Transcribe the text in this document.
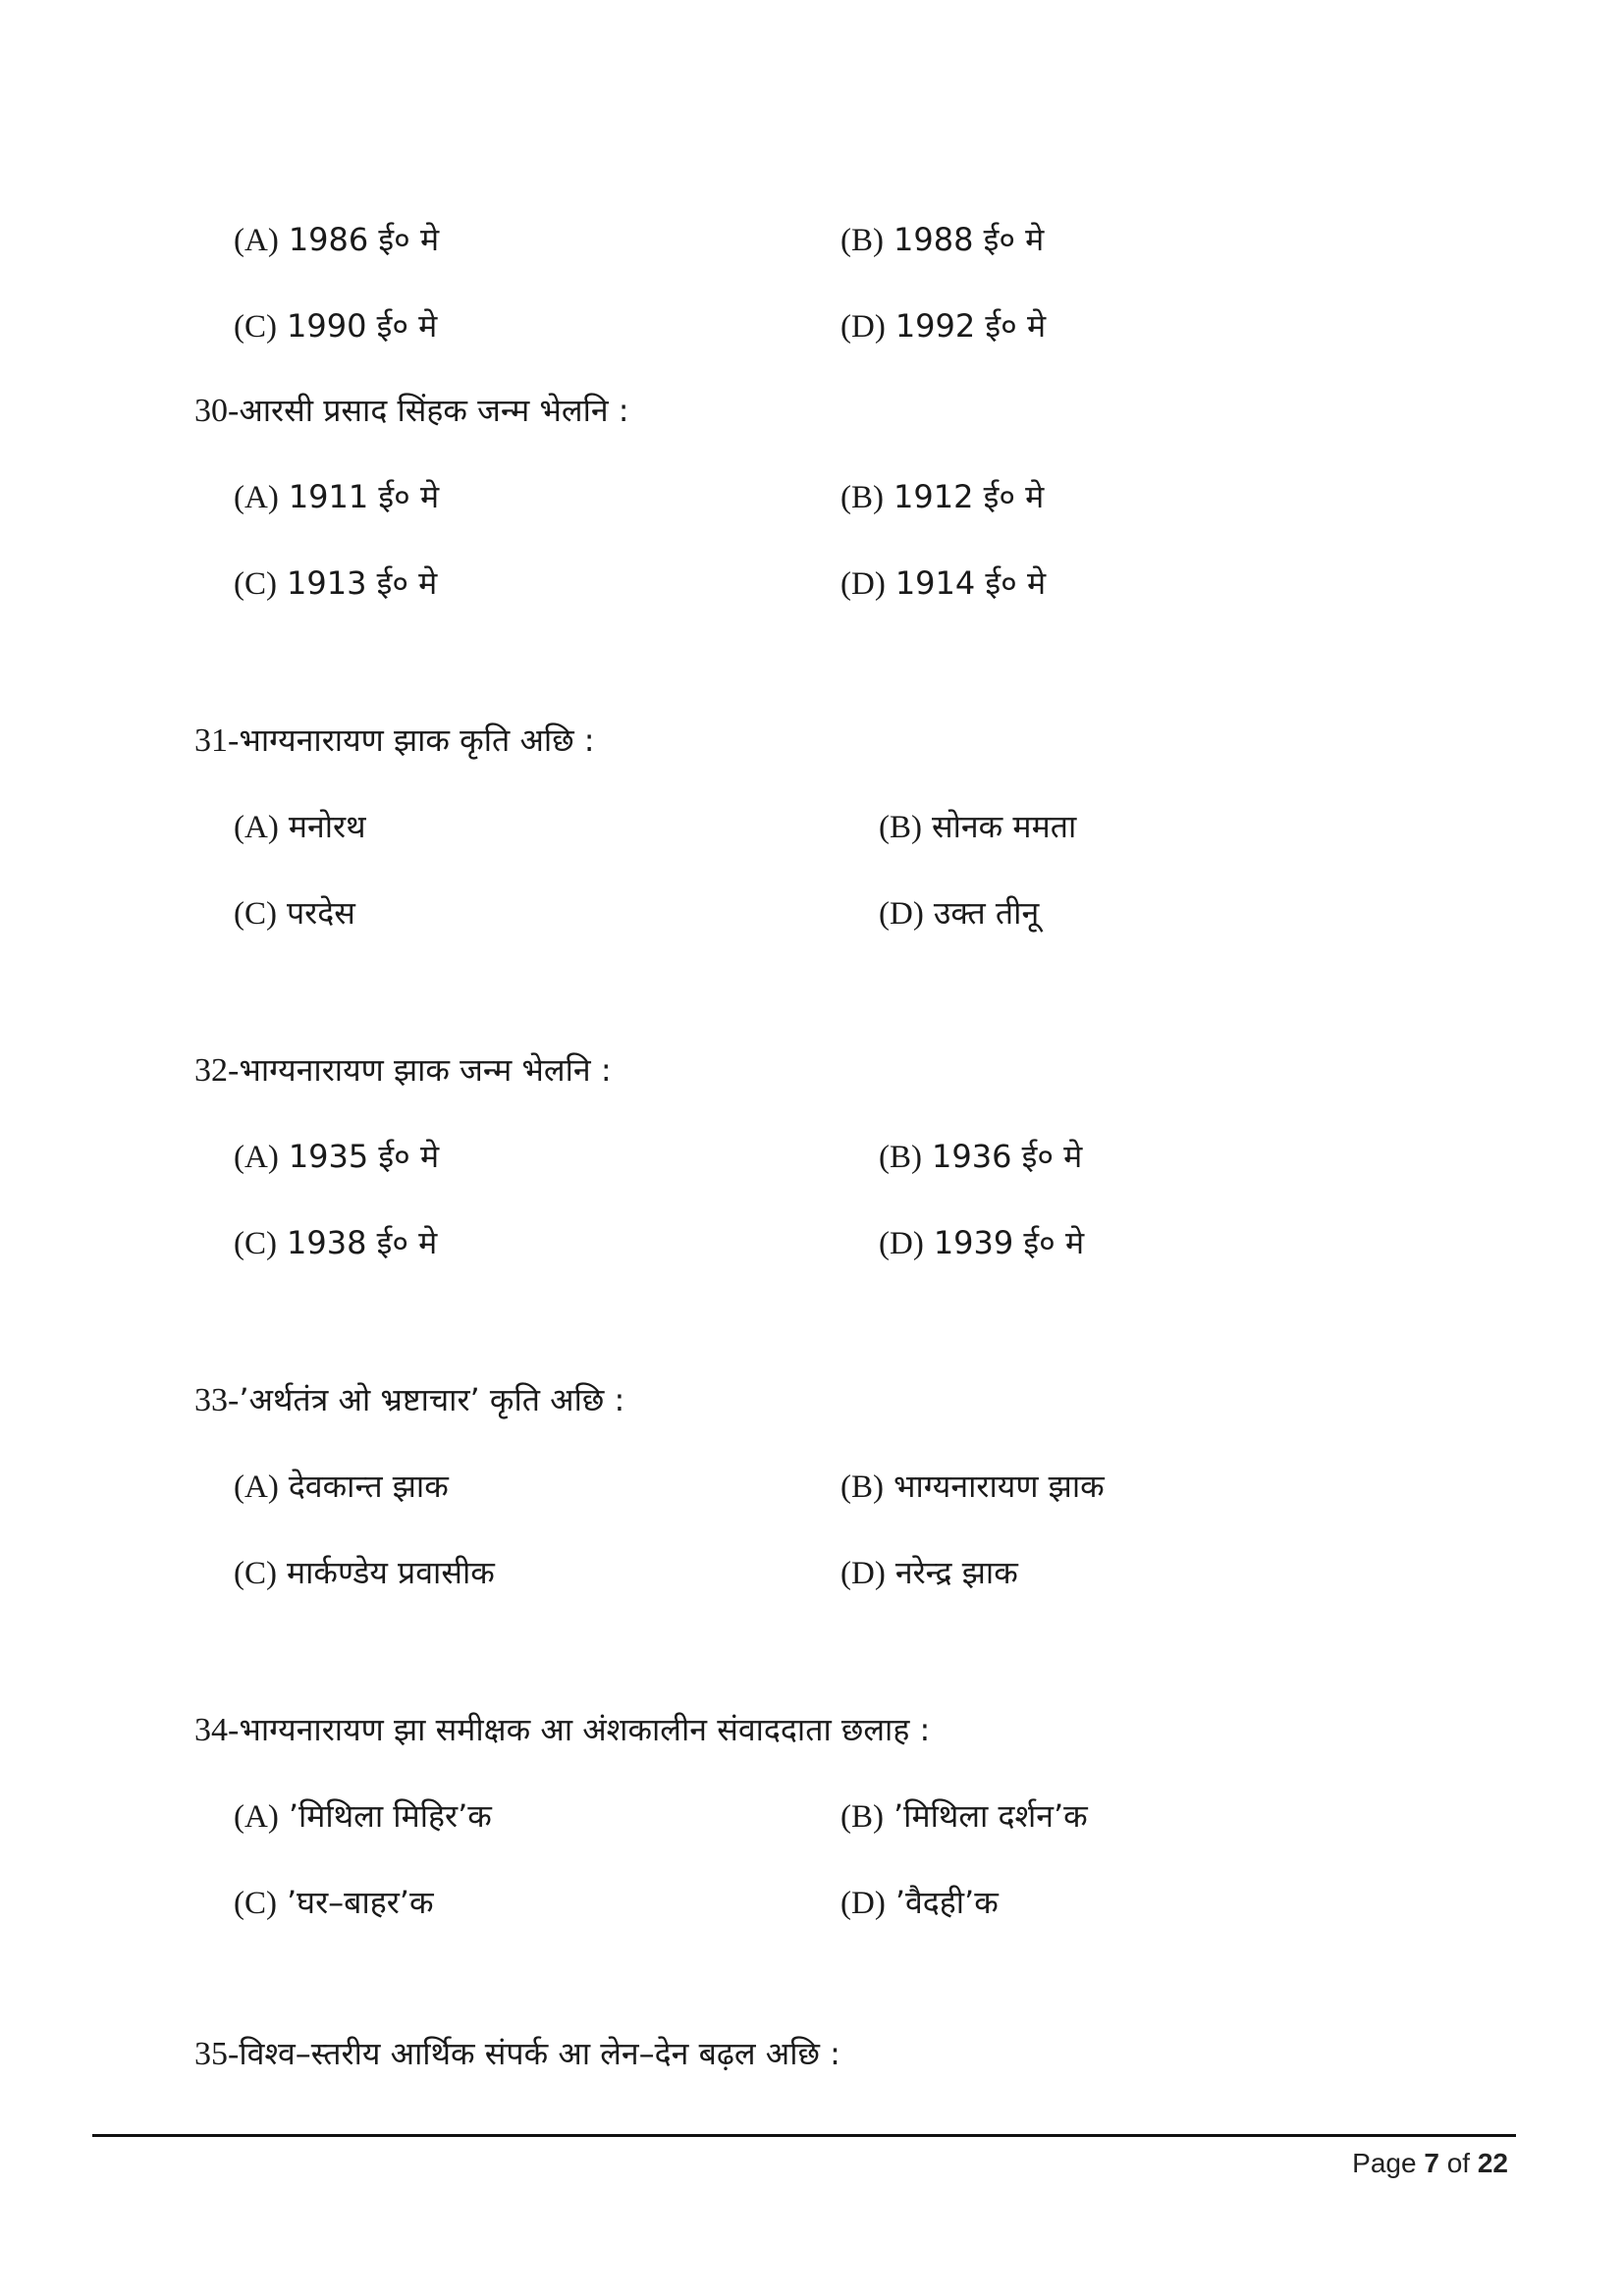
(A) 1986 ई० मे	(B) 1988 ई० मे
(C) 1990 ई० मे	(D) 1992 ई० मे
30-आरसी प्रसाद सिंहक जन्म भेलनि :
(A) 1911 ई० मे	(B) 1912 ई० मे
(C) 1913 ई० मे	(D) 1914 ई० मे
31-भाग्यनारायण झाक कृति अछि :
(A) मनोरथ	(B) सोनक ममता
(C) परदेस	(D) उक्त तीनू
32-भाग्यनारायण झाक जन्म भेलनि :
(A) 1935 ई० मे	(B) 1936 ई० मे
(C) 1938 ई० मे	(D) 1939 ई० मे
33-’अर्थतंत्र ओ भ्रष्टाचार’ कृति अछि :
(A) देवकान्त झाक	(B) भाग्यनारायण झाक
(C) मार्कण्डेय प्रवासीक	(D) नरेन्द्र झाक
34-भाग्यनारायण झा समीक्षक आ अंशकालीन संवाददाता छलाह :
(A) ’मिथिला मिहिर’क	(B) ’मिथिला दर्शन’क
(C) ’घर–बाहर’क	(D) ’वैदही’क
35-विश्व–स्तरीय आर्थिक संपर्क आ लेन–देन बढ़ल अछि :
Page 7 of 22
